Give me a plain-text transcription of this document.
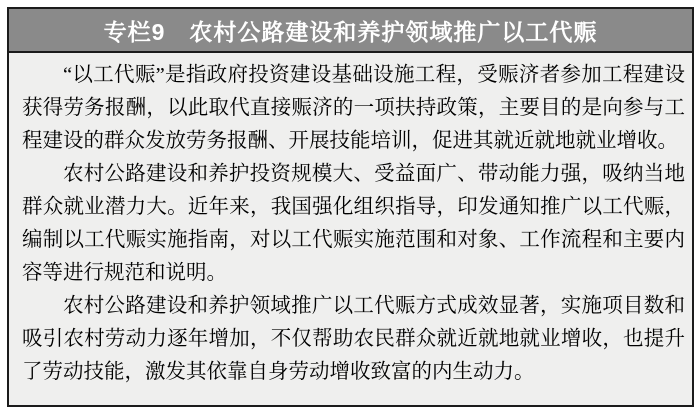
专栏9　农村公路建设和养护领域推广以工代赈

“以工代赈”是指政府投资建设基础设施工程，受赈济者参加工程建设获得劳务报酬，以此取代直接赈济的一项扶持政策，主要目的是向参与工程建设的群众发放劳务报酬、开展技能培训，促进其就近就地就业增收。

农村公路建设和养护投资规模大、受益面广、带动能力强，吸纳当地群众就业潜力大。近年来，我国强化组织指导，印发通知推广以工代赈，编制以工代赈实施指南，对以工代赈实施范围和对象、工作流程和主要内容等进行规范和说明。

农村公路建设和养护领域推广以工代赈方式成效显著，实施项目数和吸引农村劳动力逐年增加，不仅帮助农民群众就近就地就业增收，也提升了劳动技能，激发其依靠自身劳动增收致富的内生动力。
